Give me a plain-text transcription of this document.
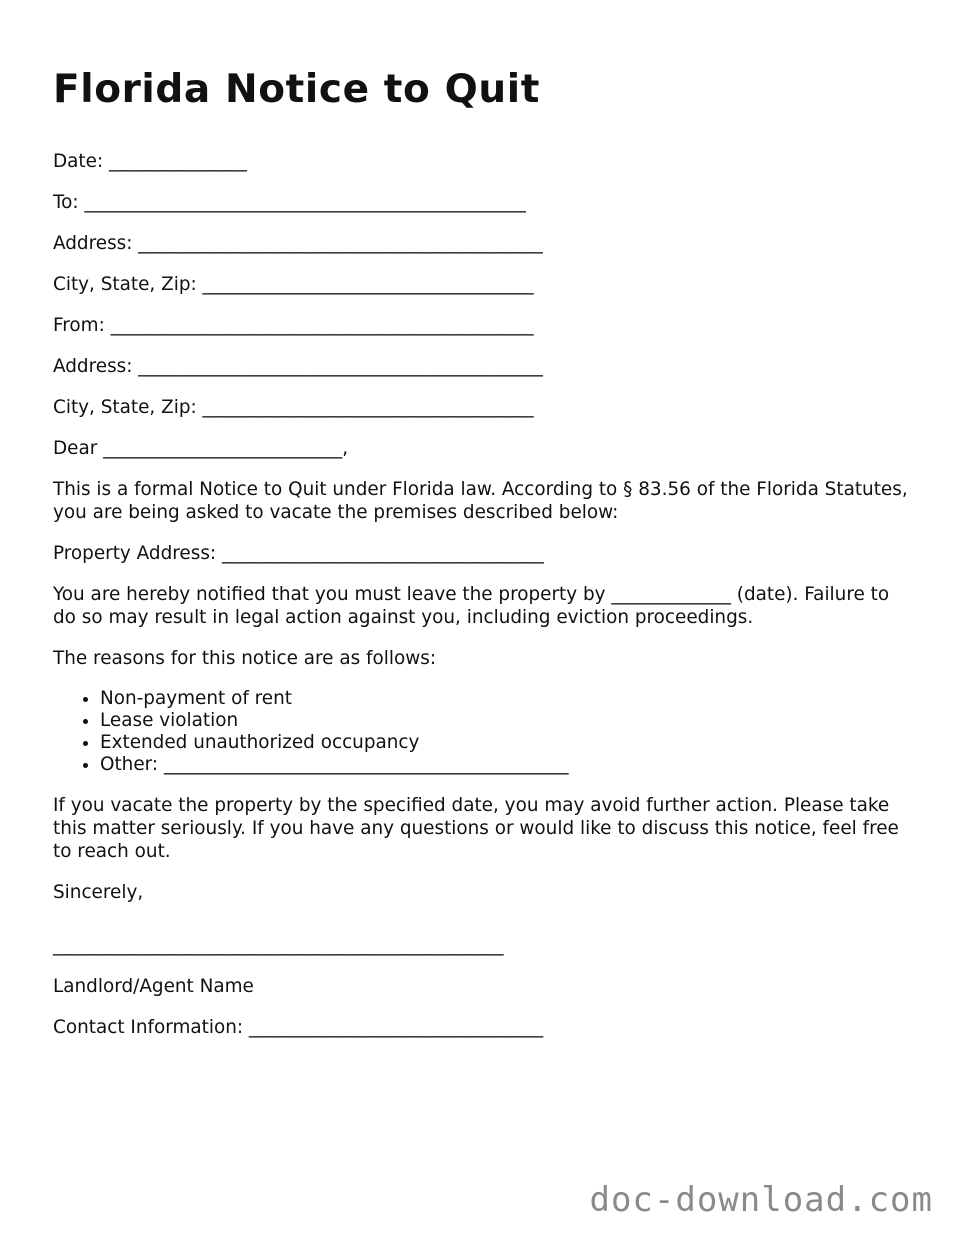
Florida Notice to Quit

Date: _______________

To: ________________________________________________

Address: ____________________________________________

City, State, Zip: ____________________________________

From: ______________________________________________

Address: ____________________________________________

City, State, Zip: ____________________________________

Dear __________________________,

This is a formal Notice to Quit under Florida law. According to § 83.56 of the Florida Statutes, you are being asked to vacate the premises described below:

Property Address: ___________________________________

You are hereby notified that you must leave the property by _____________ (date). Failure to do so may result in legal action against you, including eviction proceedings.

The reasons for this notice are as follows:

• Non-payment of rent
• Lease violation
• Extended unauthorized occupancy
• Other: ____________________________________________

If you vacate the property by the specified date, you may avoid further action. Please take this matter seriously. If you have any questions or would like to discuss this notice, feel free to reach out.

Sincerely,

_________________________________________________

Landlord/Agent Name

Contact Information: ________________________________

doc-download.com
